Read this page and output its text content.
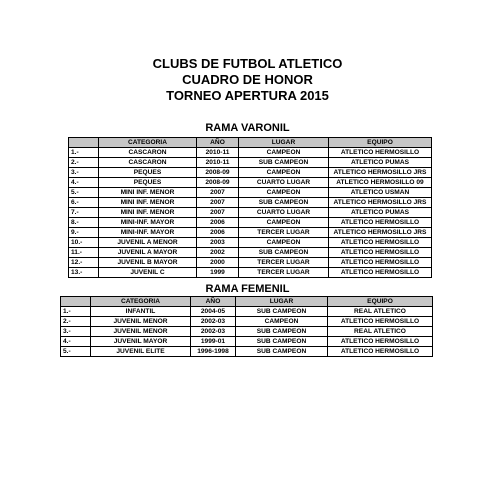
CLUBS DE FUTBOL ATLETICO
CUADRO DE HONOR
TORNEO APERTURA 2015
RAMA VARONIL
	CATEGORIA	AÑO	LUGAR	EQUIPO
1.-	CASCARON	2010-11	CAMPEON	ATLETICO HERMOSILLO
2.-	CASCARON	2010-11	SUB CAMPEON	ATLETICO PUMAS
3.-	PEQUES	2008-09	CAMPEON	ATLETICO HERMOSILLO JRS
4.-	PEQUES	2008-09	CUARTO LUGAR	ATLETICO HERMOSILLO 09
5.-	MINI INF. MENOR	2007	CAMPEON	ATLETICO USMAN
6.-	MINI INF. MENOR	2007	SUB CAMPEON	ATLETICO HERMOSILLO JRS
7.-	MINI INF. MENOR	2007	CUARTO LUGAR	ATLETICO PUMAS
8.-	MINI-INF. MAYOR	2006	CAMPEON	ATLETICO HERMOSILLO
9.-	MINI-INF. MAYOR	2006	TERCER LUGAR	ATLETICO HERMOSILLO JRS
10.-	JUVENIL A MENOR	2003	CAMPEON	ATLETICO HERMOSILLO
11.-	JUVENIL A MAYOR	2002	SUB CAMPEON	ATLETICO HERMOSILLO
12.-	JUVENIL B MAYOR	2000	TERCER LUGAR	ATLETICO HERMOSILLO
13.-	JUVENIL C	1999	TERCER LUGAR	ATLETICO HERMOSILLO
RAMA FEMENIL
	CATEGORIA	AÑO	LUGAR	EQUIPO
1.-	INFANTIL	2004-05	SUB CAMPEON	REAL ATLETICO
2.-	JUVENIL MENOR	2002-03	CAMPEON	ATLETICO HERMOSILLO
3.-	JUVENIL MENOR	2002-03	SUB CAMPEON	REAL ATLETICO
4.-	JUVENIL MAYOR	1999-01	SUB CAMPEON	ATLETICO HERMOSILLO
5.-	JUVENIL ELITE	1996-1998	SUB CAMPEON	ATLETICO HERMOSILLO
